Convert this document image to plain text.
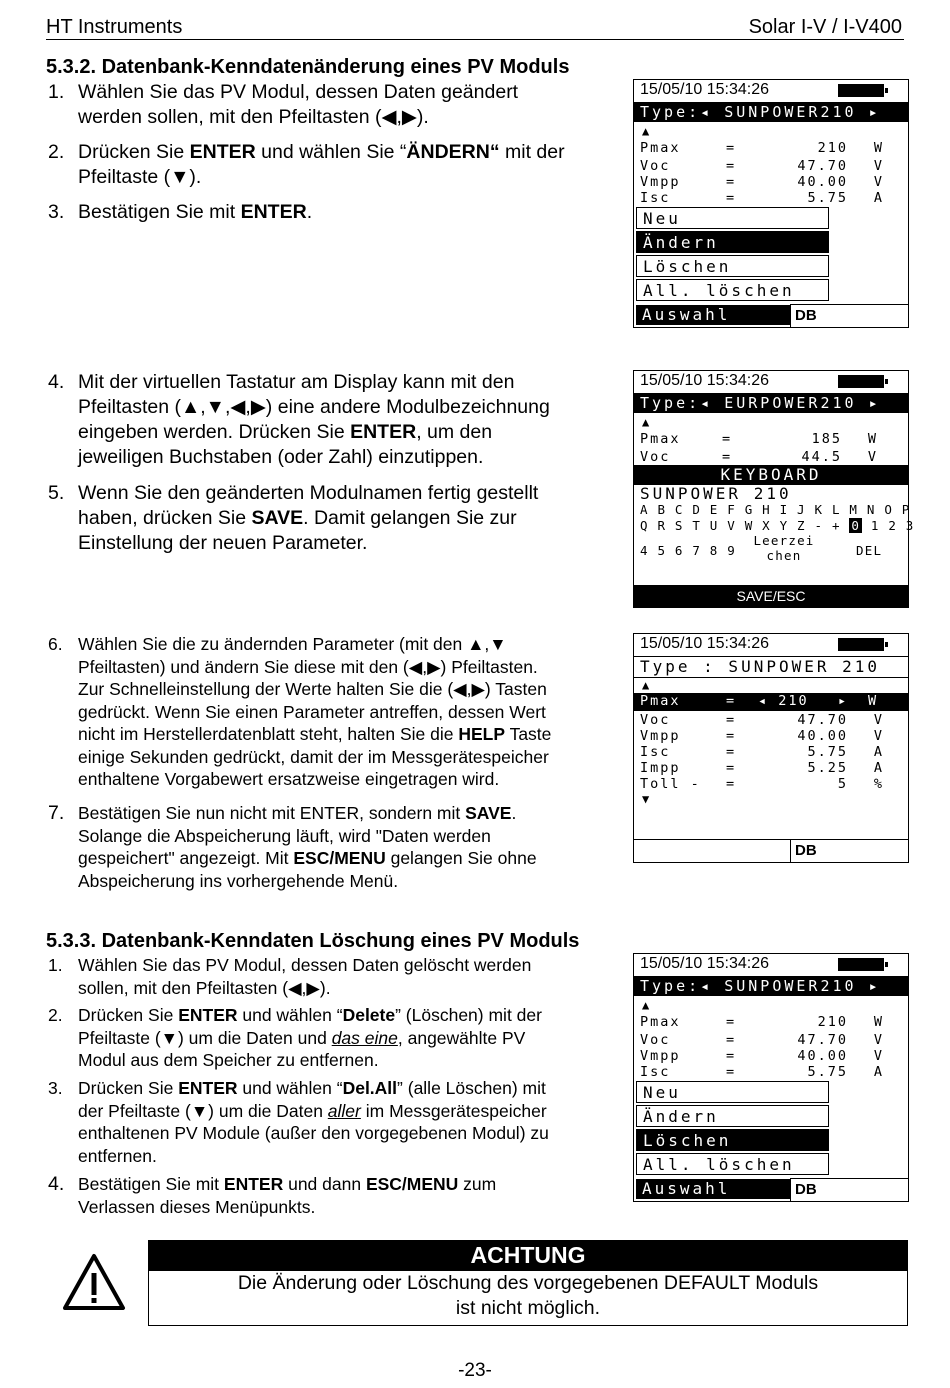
HT Instruments	Solar I-V / I-V400
5.3.2. Datenbank-Kenndatenänderung eines PV Moduls
1. Wählen Sie das PV Modul, dessen Daten geändert
werden sollen, mit den Pfeiltasten (◀,▶).
2. Drücken Sie ENTER und wählen Sie “ÄNDERN“ mit der
Pfeiltaste (▼).
3. Bestätigen Sie mit ENTER.
15/05/10 15:34:26
Type:◂ SUNPOWER210 ▸
▲
Pmax	=	210 W
Voc	=	47.70 V
Vmpp	=	40.00 V
Isc	=	5.75 A
Neu
Ändern
Löschen
All. löschen
Auswahl	DB
4. Mit der virtuellen Tastatur am Display kann mit den
Pfeiltasten (▲,▼,◀,▶) eine andere Modulbezeichnung
eingeben werden. Drücken Sie ENTER, um den
jeweiligen Buchstaben (oder Zahl) einzutippen.
5. Wenn Sie den geänderten Modulnamen fertig gestellt
haben, drücken Sie SAVE. Damit gelangen Sie zur
Einstellung der neuen Parameter.
15/05/10 15:34:26
Type:◂ EURPOWER210 ▸
▲
Pmax	=	185 W
Voc	=	44.5 V
KEYBOARD
SUNPOWER 210
A B C D E F G H I J K L M N O P
Q R S T U V W X Y Z - + 0 1 2 3
4 5 6 7 8 9
Leerzei
chen	DEL
SAVE/ESC
6. Wählen Sie die zu ändernden Parameter (mit den ▲,▼
Pfeiltasten) und ändern Sie diese mit den (◀,▶) Pfeiltasten.
Zur Schnelleinstellung der Werte halten Sie die (◀,▶) Tasten
gedrückt. Wenn Sie einen Parameter antreffen, dessen Wert
nicht im Herstellerdatenblatt steht, halten Sie die HELP Taste
einige Sekunden gedrückt, damit der im Messgerätespeicher
enthaltene Vorgabewert ersatzweise eingetragen wird.
7. Bestätigen Sie nun nicht mit ENTER, sondern mit SAVE.
Solange die Abspeicherung läuft, wird "Daten werden
gespeichert" angezeigt. Mit ESC/MENU gelangen Sie ohne
Abspeicherung ins vorhergehende Menü.
15/05/10 15:34:26
Type : SUNPOWER 210
▲
Pmax	= ◂ 210 ▸ W
Voc	=	47.70 V
Vmpp	=	40.00 V
Isc	=	5.75 A
Impp	=	5.25 A
Toll - =	5 %
▼
DB
5.3.3. Datenbank-Kenndaten Löschung eines PV Moduls
1. Wählen Sie das PV Modul, dessen Daten gelöscht werden
sollen, mit den Pfeiltasten (◀,▶).
2. Drücken Sie ENTER und wählen “Delete” (Löschen) mit der
Pfeiltaste (▼) um die Daten und das eine, angewählte PV
Modul aus dem Speicher zu entfernen.
3. Drücken Sie ENTER und wählen “Del.All” (alle Löschen) mit
der Pfeiltaste (▼) um die Daten aller im Messgerätespeicher
enthaltenen PV Module (außer den vorgegebenen Modul) zu
entfernen.
4. Bestätigen Sie mit ENTER und dann ESC/MENU zum
Verlassen dieses Menüpunkts.
15/05/10 15:34:26
Type:◂ SUNPOWER210 ▸
▲
Pmax	=	210 W
Voc	=	47.70 V
Vmpp	=	40.00 V
Isc	=	5.75 A
Neu
Ändern
Löschen
All. löschen
Auswahl	DB
ACHTUNG
Die Änderung oder Löschung des vorgegebenen DEFAULT Moduls
ist nicht möglich.
-23-
